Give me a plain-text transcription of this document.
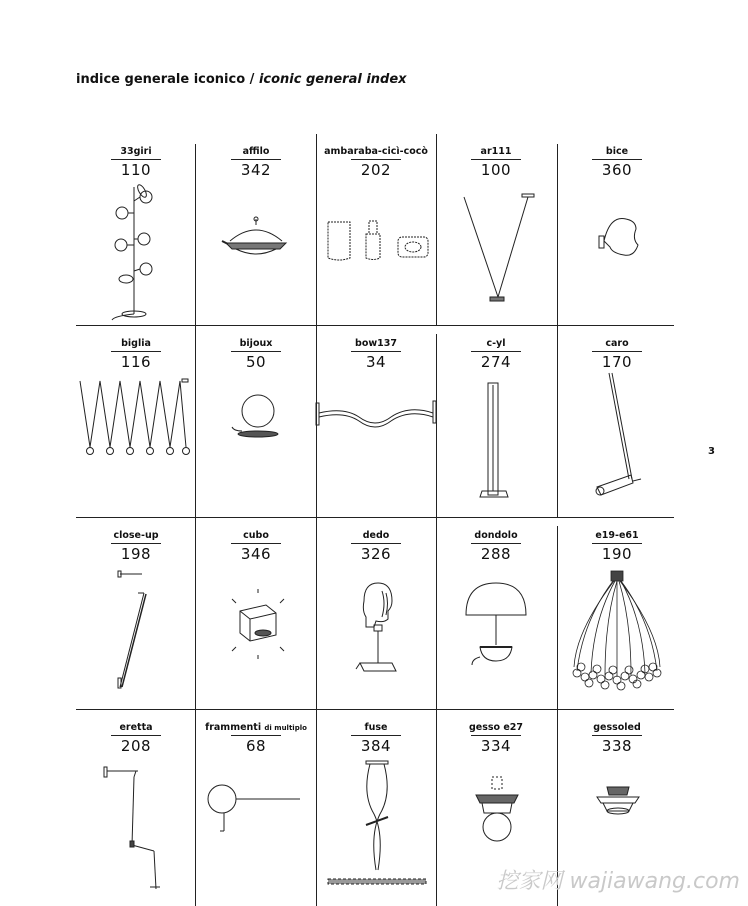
indice generale iconico / iconic general index
3
33giri
110
affilo
342
ambaraba-cicì-cocò
202
ar111
100
bice
360
biglia
116
bijoux
50
bow137
34
c-yl
274
caro
170
close-up
198
cubo
346
dedo
326
dondolo
288
e19-e61
190
eretta
208
frammenti di multiplo
68
fuse
384
gesso e27
334
gessoled
338
挖家网 wajiawang.com
